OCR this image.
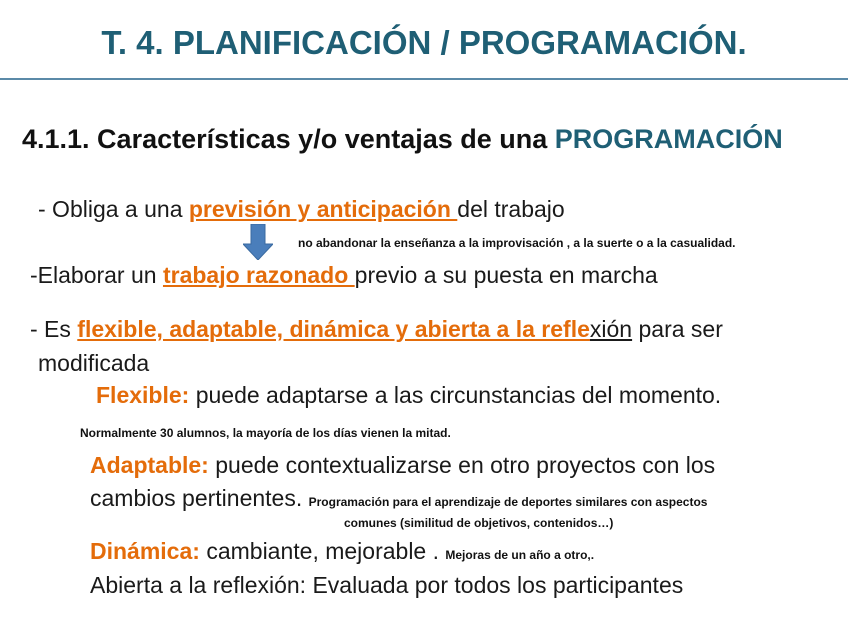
T. 4. PLANIFICACIÓN / PROGRAMACIÓN.
4.1.1. Características y/o ventajas de una PROGRAMACIÓN
- Obliga a una previsión y anticipación del trabajo
no abandonar la enseñanza a la improvisación , a la suerte o a la casualidad.
-Elaborar un trabajo razonado previo a su puesta en marcha
- Es flexible, adaptable, dinámica y abierta a la reflexión para ser
modificada
Flexible: puede adaptarse a las circunstancias del momento.
Normalmente 30 alumnos, la mayoría de los días vienen la mitad.
Adaptable: puede contextualizarse en otro proyectos con los
cambios pertinentes. Programación para el aprendizaje de deportes similares con aspectos
comunes (similitud de objetivos, contenidos…)
Dinámica: cambiante, mejorable . Mejoras de un año a otro,.
Abierta a la reflexión: Evaluada por todos los participantes
